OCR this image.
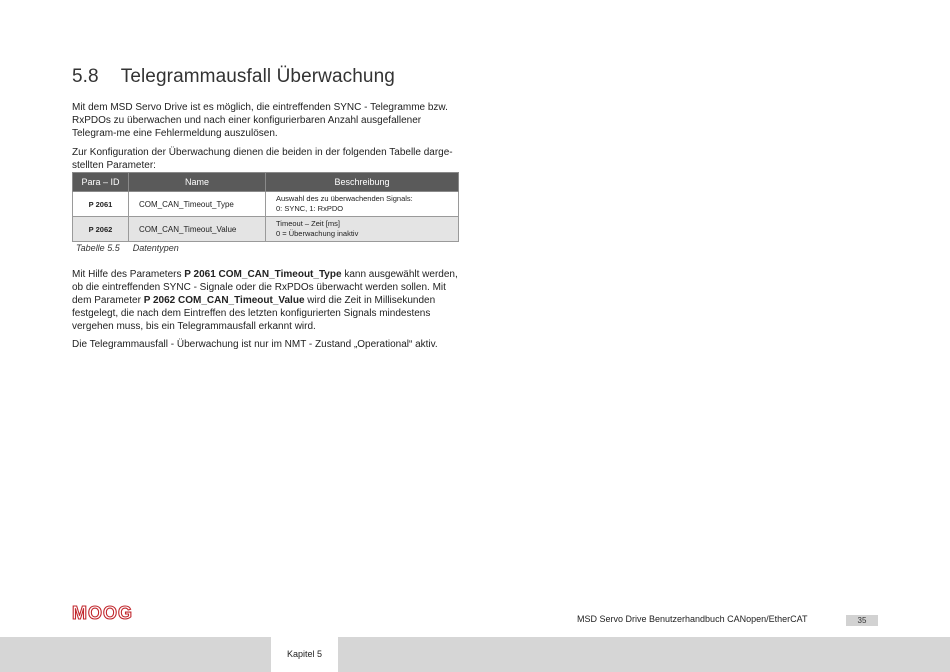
5.8 Telegrammausfall Überwachung

Mit dem MSD Servo Drive ist es möglich, die eintreffenden SYNC - Telegramme bzw. RxPDOs zu überwachen und nach einer konfigurierbaren Anzahl ausgefallener Telegram-me eine Fehlermeldung auszulösen.

Zur Konfiguration der Überwachung dienen die beiden in der folgenden Tabelle darge-stellten Parameter:

Para – ID	Name	Beschreibung
P 2061	COM_CAN_Timeout_Type	Auswahl des zu überwachenden Signals:
0: SYNC, 1: RxPDO

P 2062	COM_CAN_Timeout_Value	Timeout – Zeit [ms]
0 = Überwachung inaktiv
Tabelle 5.5 Datentypen

Mit Hilfe des Parameters P 2061 COM_CAN_Timeout_Type kann ausgewählt werden, ob die eintreffenden SYNC - Signale oder die RxPDOs überwacht werden sollen. Mit dem Parameter P 2062 COM_CAN_Timeout_Value wird die Zeit in Millisekunden festgelegt, die nach dem Eintreffen des letzten konfigurierten Signals mindestens vergehen muss, bis ein Telegrammausfall erkannt wird.

Die Telegrammausfall - Überwachung ist nur im NMT - Zustand „Operational“ aktiv.

MOOG	MSD Servo Drive Benutzerhandbuch CANopen/EtherCAT	35
Kapitel 5
